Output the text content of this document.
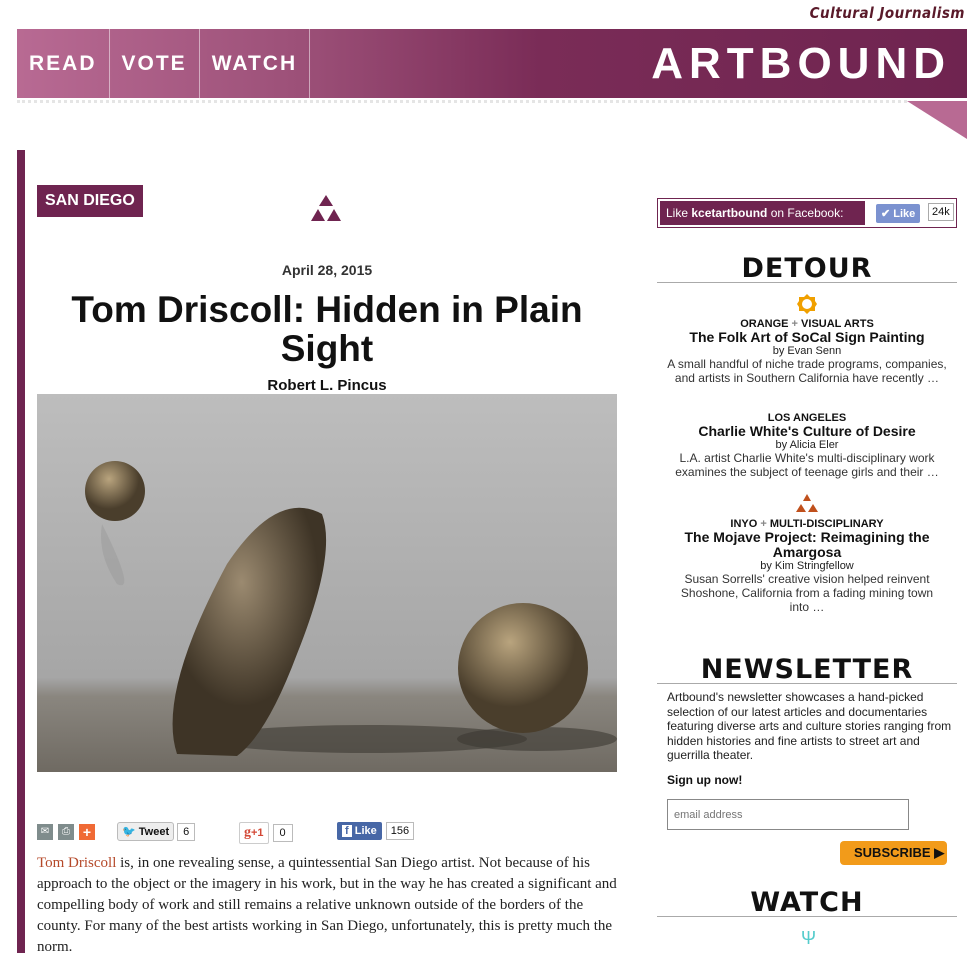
Cultural Journalism
READ	VOTE	WATCH	ARTBOUND
SAN DIEGO
April 28, 2015
Tom Driscoll: Hidden in Plain Sight
Robert L. Pincus
✉	⎙ +	🐦 Tweet	6	g+1	0	f Like	156

Tom Driscoll is, in one revealing sense, a quintessential San Diego artist. Not because of his approach to the object or the imagery in his work, but in the way he has created a significant and compelling body of work and still remains a relative unknown outside of the borders of the county. For many of the best artists working in San Diego, unfortunately, this is pretty much the norm.

Like kcetartbound on Facebook:	✔ Like	24k
DETOUR
ORANGE + VISUAL ARTS
The Folk Art of SoCal Sign Painting
by Evan Senn
A small handful of niche trade programs, companies, and artists in Southern California have recently …
LOS ANGELES
Charlie White's Culture of Desire
by Alicia Eler
L.A. artist Charlie White's multi-disciplinary work examines the subject of teenage girls and their …
INYO + MULTI-DISCIPLINARY
The Mojave Project: Reimagining the Amargosa
by Kim Stringfellow
Susan Sorrells' creative vision helped reinvent Shoshone, California from a fading mining town into …
NEWSLETTER

Artbound's newsletter showcases a hand-picked selection of our latest articles and documentaries featuring diverse arts and culture stories ranging from hidden histories and fine artists to street art and guerrilla theater.

Sign up now!
email address
SUBSCRIBE ▶
WATCH
Ψ
